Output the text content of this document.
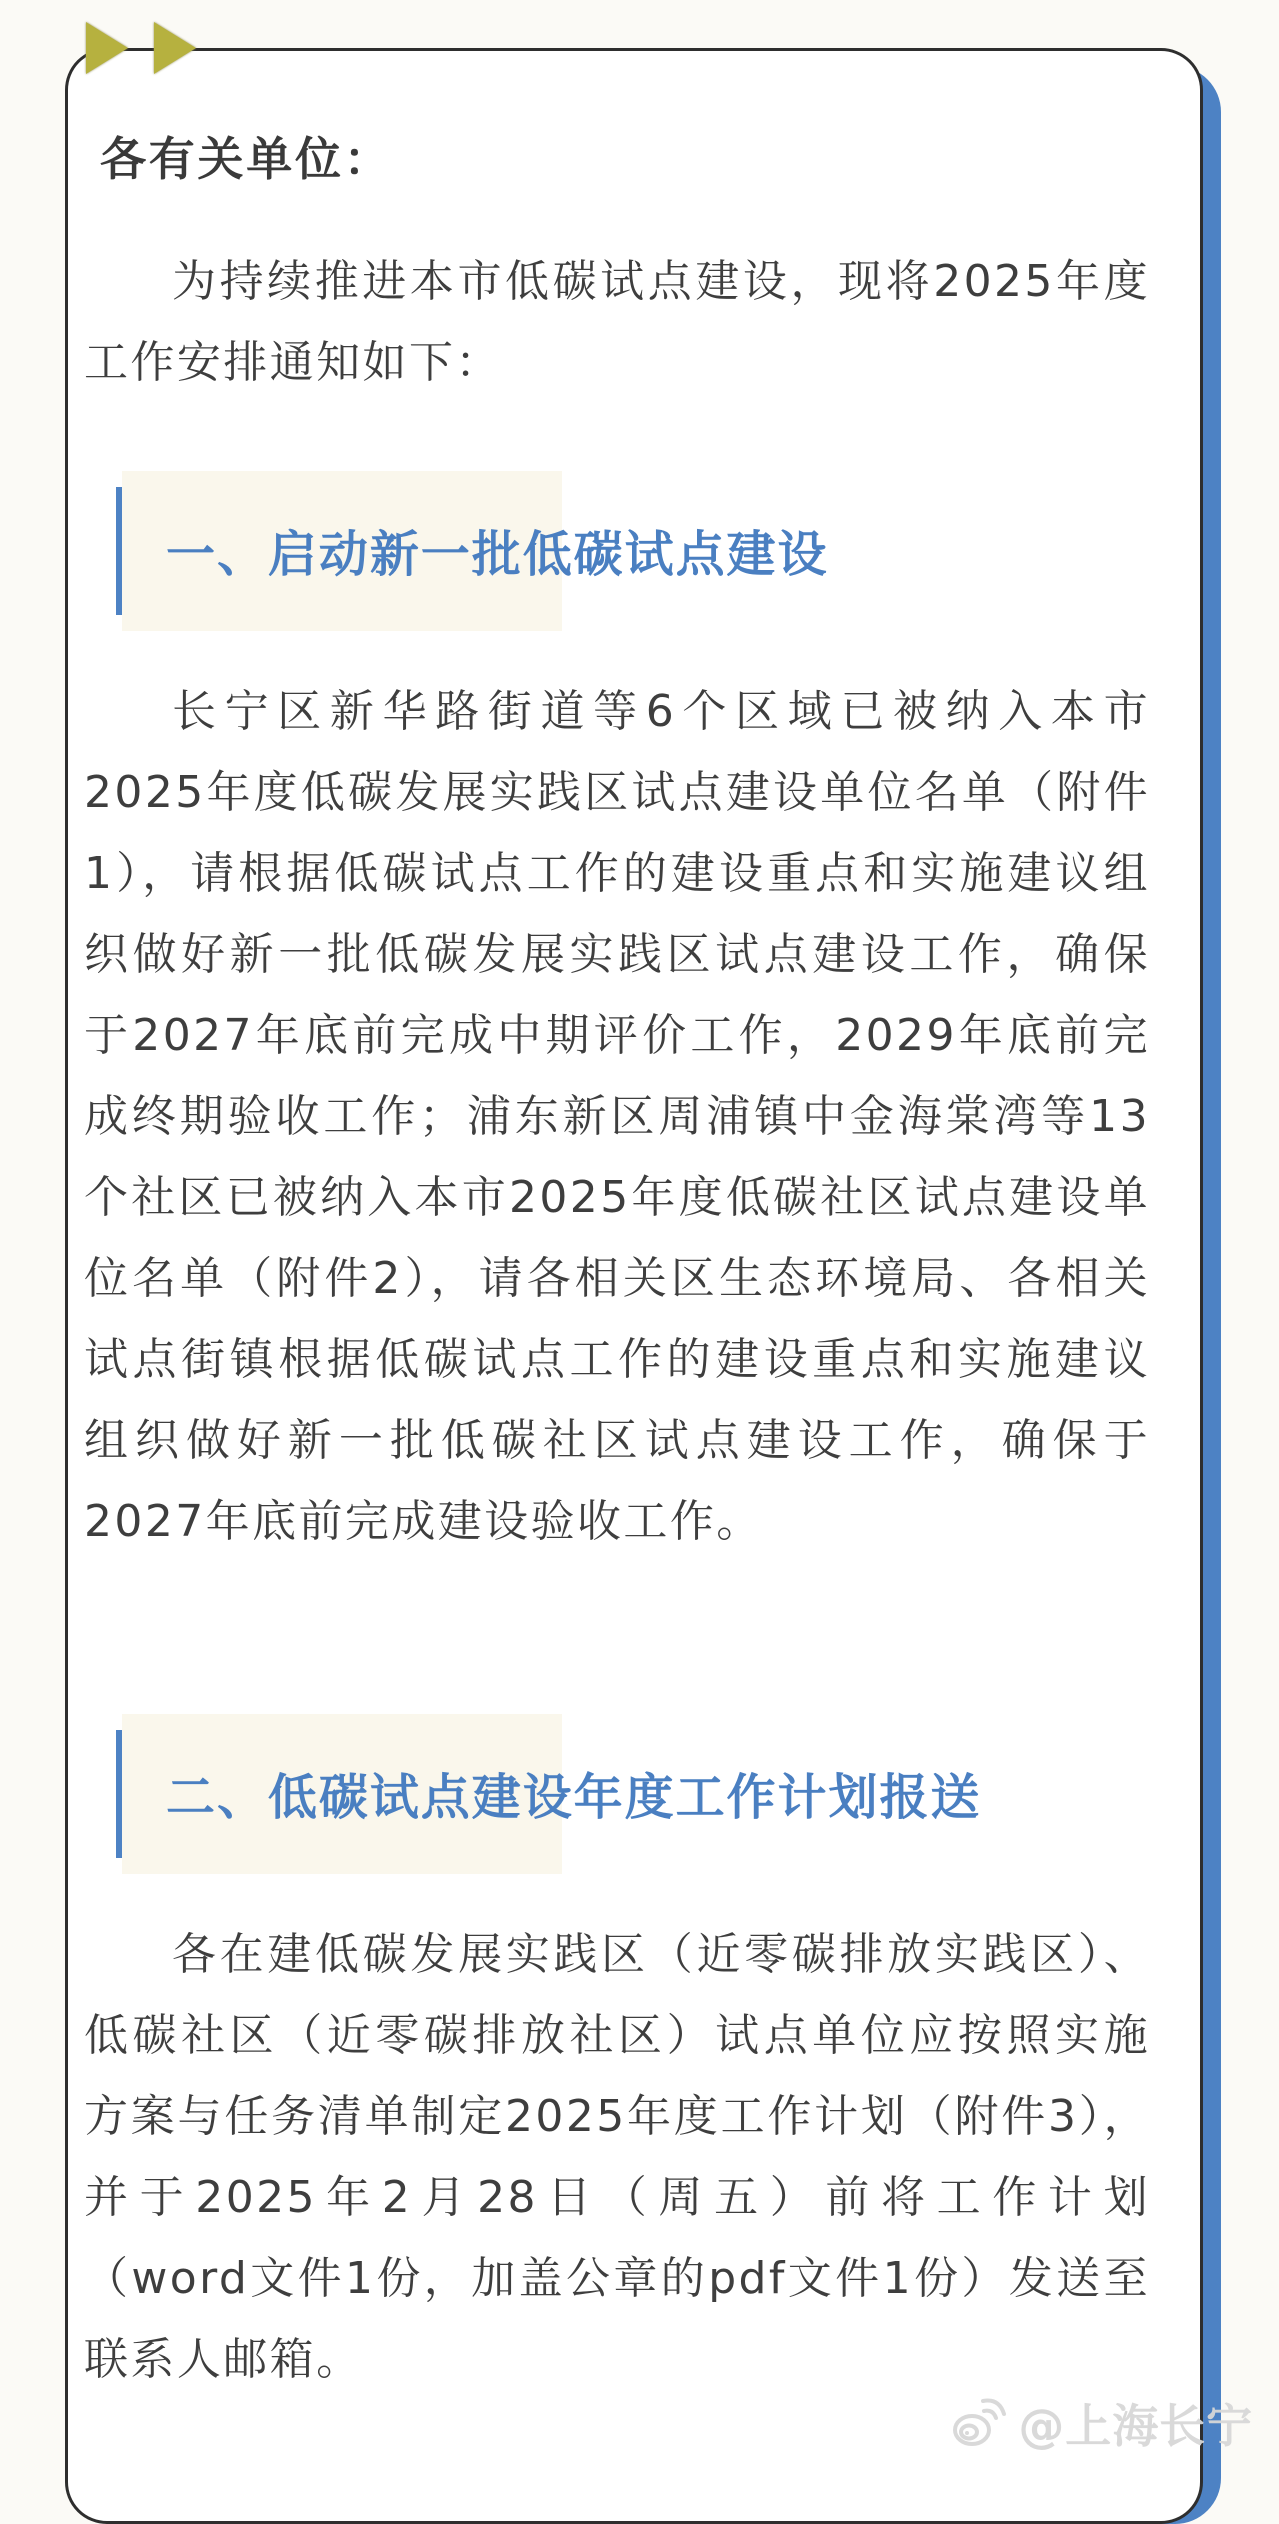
各有关单位：

为持续推进本市低碳试点建设，现将2025年度工作安排通知如下：

一、启动新一批低碳试点建设

长宁区新华路街道等6个区域已被纳入本市2025年度低碳发展实践区试点建设单位名单（附件1），请根据低碳试点工作的建设重点和实施建议组织做好新一批低碳发展实践区试点建设工作，确保于2027年底前完成中期评价工作，2029年底前完成终期验收工作；浦东新区周浦镇中金海棠湾等13个社区已被纳入本市2025年度低碳社区试点建设单位名单（附件2），请各相关区生态环境局、各相关试点街镇根据低碳试点工作的建设重点和实施建议组织做好新一批低碳社区试点建设工作，确保于2027年底前完成建设验收工作。

二、低碳试点建设年度工作计划报送

各在建低碳发展实践区（近零碳排放实践区）、低碳社区（近零碳排放社区）试点单位应按照实施方案与任务清单制定2025年度工作计划（附件3），并于2025年2月28日（周五）前将工作计划（word文件1份，加盖公章的pdf文件1份）发送至联系人邮箱。

@上海长宁
